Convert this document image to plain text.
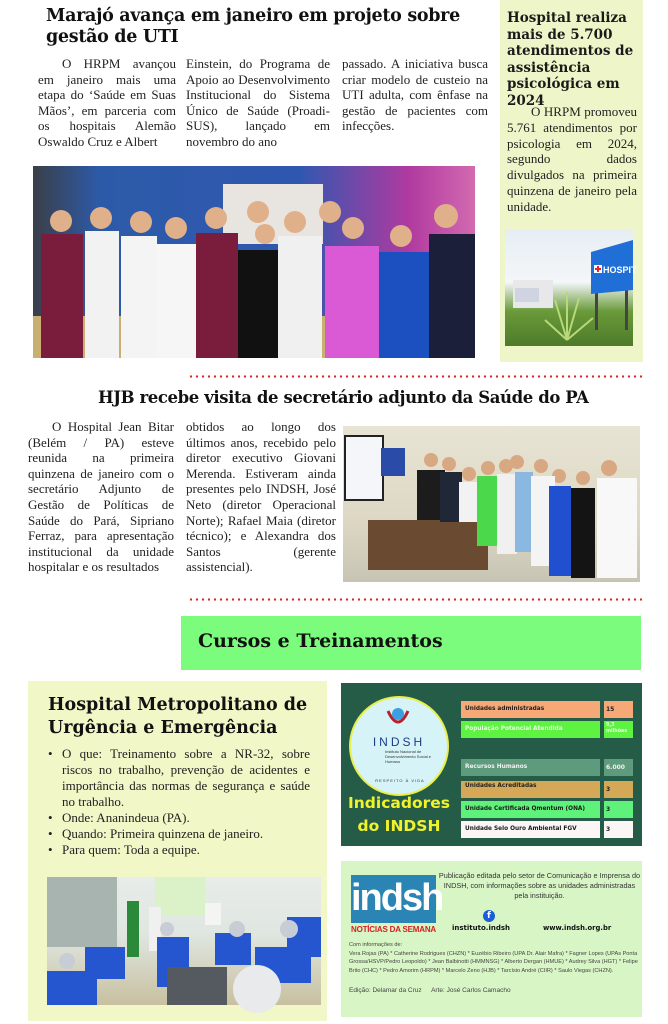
Marajó avança em janeiro em projeto sobre gestão de UTI
O HRPM avançou em janeiro mais uma etapa do ‘Saúde em Suas Mãos’, em parceria com os hospitais Alemão Oswaldo Cruz e Albert
Einstein, do Programa de Apoio ao Desenvolvimento Institucional do Sistema Único de Saúde (Proadi-SUS), lançado em novembro do ano
passado. A iniciativa busca criar modelo de custeio na UTI adulta, com ênfase na gestão de pacientes com infecções.
Hospital realiza mais de 5.700 atendimentos de assistência psicológica em 2024
O HRPM promoveu 5.761 atendimentos por psicologia em 2024, segundo dados divulgados na primeira quinzena de janeiro pela unidade.
HOSPIT
HJB recebe visita de secretário adjunto da Saúde do PA
O Hospital Jean Bitar (Belém / PA) esteve reunida na primeira quinzena de janeiro com o secretário Adjunto de Gestão de Políticas de Saúde do Pará, Sipriano Ferraz, para apresentação institucional da unidade hospitalar e os resultados
obtidos ao longo dos últimos anos, recebido pelo diretor executivo Giovani Merenda. Estiveram ainda presentes pelo INDSH, José Neto (diretor Operacional Norte); Rafael Maia (diretor técnico); e Alexandra dos Santos (gerente assistencial).
Cursos e Treinamentos
Hospital Metropolitano de Urgência e Emergência
• O que: Treinamento sobre a NR-32, sobre riscos no trabalho, prevenção de acidentes e importância das normas de segurança e saúde no trabalho.
• Onde: Ananindeua (PA).
• Quando: Primeira quinzena de janeiro.
• Para quem: Toda a equipe.
INDSH
Instituto Nacional de Desenvolvimento Social e Humano
RESPEITO À VIDA
Indicadores do INDSH
Unidades administradas	15
População Potencial Atendida
9,3 milhões
Recursos Humanos	6.000
Unidades Acreditadas	3
Unidade Certificada Qmentum (ONA)	3
Unidade Selo Ouro Ambiental FGV	3
indsh
NOTÍCIAS DA SEMANA
Publicação editada pelo setor de Comunicação e Imprensa do INDSH, com informações sobre as unidades administradas pela instituição.
f
instituto.indsh	www.indsh.org.br
Com informações de:
Vera Rojas (PA) * Catherine Rodrigues (CHZN) * Euzébio Ribeiro (UPA Dr. Alair Mafra) * Fagner Lopes (UPAs Ponta Grossa/HSVP/Pedro Leopoldo) * Jean Balbinotti (HMMNSG) * Alberto Dergan (HMUE) * Audrey Silva (HGT) * Felipe Brito (CHC) * Pedro Amorim (HRPM) * Marcelo Zeno (HJB) * Tarcísio André (CIIR) * Saulo Viegas (CHZN).
Edição: Delamar da Cruz Arte: José Carlos Camacho
